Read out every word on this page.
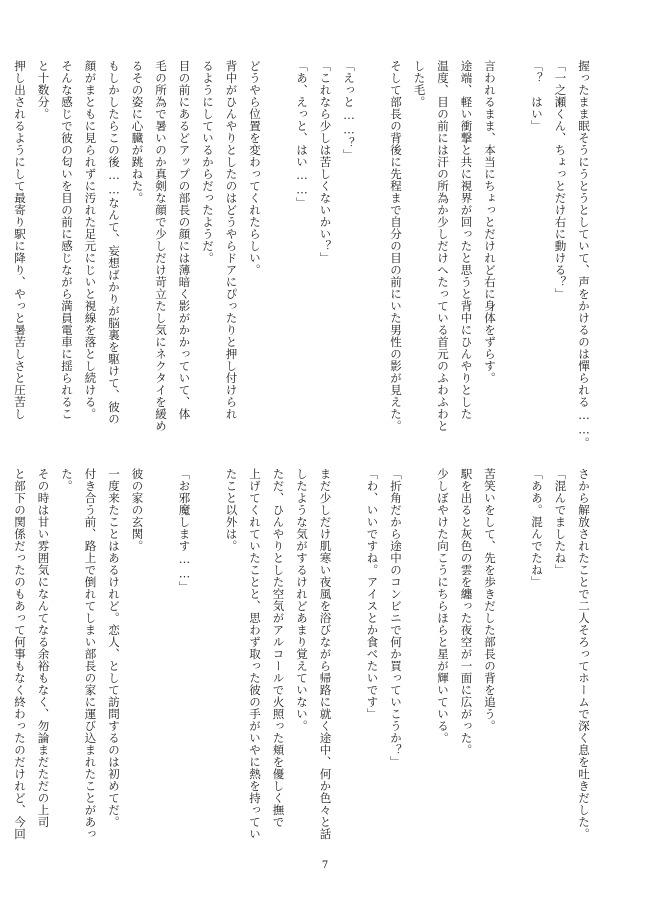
握ったまま眠そうにうとうとしていて、声をかけるのは憚られる……。
「一之瀬くん、ちょっとだけ右に動ける？」
「？　はい」

言われるまま、本当にちょっとだけれど右に身体をずらす。
途端、軽い衝撃と共に視界が回ったと思うと背中にひんやりとした
温度、目の前には汗の所為か少しだけへたっている首元のふわふわと
した毛。
そして部長の背後に先程まで自分の目の前にいた男性の影が見えた。

「えっと……？」
「これなら少しは苦しくないかい？」
「あ、えっと、はい……」

どうやら位置を変わってくれたらしい。
背中がひんやりとしたのはどうやらドアにぴったりと押し付けられ
るようにしているからだったようだ。
目の前にあるどアップの部長の顔には薄暗く影がかかっていて、体
毛の所為で暑いのか真剣な顔で少しだけ苛立たし気にネクタイを緩め
るその姿に心臓が跳ねた。
もしかしたらこの後……なんて、妄想ばかりが脳裏を駆けて、彼の
顔がまともに見られずに汚れた足元にじいと視線を落とし続ける。
そんな感じで彼の匂いを目の前に感じながら満員電車に揺られるこ
と十数分。
押し出されるようにして最寄り駅に降り、やっと暑苦しさと圧苦し
さから解放されたことで二人そろってホームで深く息を吐きだした。
「混んでましたね」
「ああ。混んでたね」

苦笑いをして、先を歩きだした部長の背を追う。
駅を出ると灰色の雲を纏った夜空が一面に広がった。
少しぼやけた向こうにちらほらと星が輝いている。

「折角だから途中のコンビニで何か買っていこうか？」
「わ、いいですね。アイスとか食べたいです」

まだ少しだけ肌寒い夜風を浴びながら帰路に就く途中、何か色々と話
したような気がするけれどあまり覚えていない。
ただ、ひんやりとした空気がアルコールで火照った頬を優しく撫で
上げてくれていたことと、思わず取った彼の手がいやに熱を持ってい
たこと以外は。

「お邪魔します……」

彼の家の玄関。
一度来たことはあるけれど。恋人、として訪問するのは初めてだ。
付き合う前、路上で倒れてしまい部長の家に運び込まれたことがあっ
た。
その時は甘い雰囲気になんてなる余裕もなく、勿論まだただの上司
と部下の関係だったのもあって何事もなく終わったのだけれど、今回
7
